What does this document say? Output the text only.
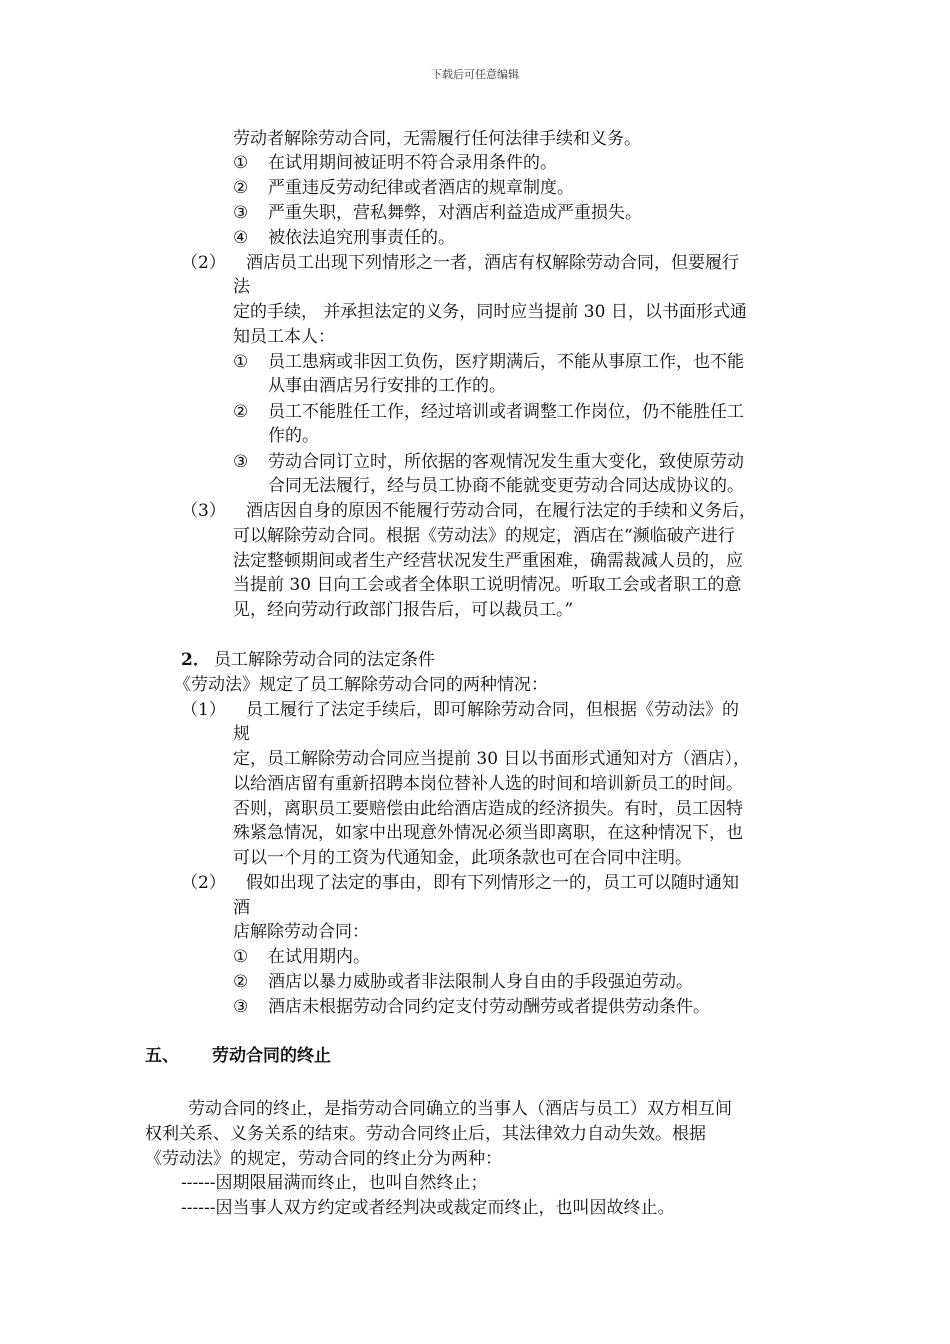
下载后可任意编辑
劳动者解除劳动合同，无需履行任何法律手续和义务。
① 在试用期间被证明不符合录用条件的。
② 严重违反劳动纪律或者酒店的规章制度。
③ 严重失职，营私舞弊，对酒店利益造成严重损失。
④ 被依法追究刑事责任的。
（2） 酒店员工出现下列情形之一者，酒店有权解除劳动合同，但要履行
法
定的手续， 并承担法定的义务，同时应当提前 30 日，以书面形式通
知员工本人：
① 员工患病或非因工负伤，医疗期满后，不能从事原工作，也不能
从事由酒店另行安排的工作的。
② 员工不能胜任工作，经过培训或者调整工作岗位，仍不能胜任工
作的。
③ 劳动合同订立时，所依据的客观情况发生重大变化，致使原劳动
合同无法履行，经与员工协商不能就变更劳动合同达成协议的。
（3） 酒店因自身的原因不能履行劳动合同，在履行法定的手续和义务后，
可以解除劳动合同。根据《劳动法》的规定，酒店在“濒临破产进行
法定整顿期间或者生产经营状况发生严重困难，确需裁减人员的，应
当提前 30 日向工会或者全体职工说明情况。听取工会或者职工的意
见，经向劳动行政部门报告后，可以裁员工。”
2． 员工解除劳动合同的法定条件
《劳动法》规定了员工解除劳动合同的两种情况：
（1） 员工履行了法定手续后，即可解除劳动合同，但根据《劳动法》的
规
定，员工解除劳动合同应当提前 30 日以书面形式通知对方（酒店），
以给酒店留有重新招聘本岗位替补人选的时间和培训新员工的时间。
否则，离职员工要赔偿由此给酒店造成的经济损失。有时，员工因特
殊紧急情况，如家中出现意外情况必须当即离职，在这种情况下，也
可以一个月的工资为代通知金，此项条款也可在合同中注明。
（2） 假如出现了法定的事由，即有下列情形之一的，员工可以随时通知
酒
店解除劳动合同：
① 在试用期内。
② 酒店以暴力威胁或者非法限制人身自由的手段强迫劳动。
③ 酒店未根据劳动合同约定支付劳动酬劳或者提供劳动条件。
五、 劳动合同的终止
劳动合同的终止，是指劳动合同确立的当事人（酒店与员工）双方相互间
权利关系、义务关系的结束。劳动合同终止后，其法律效力自动失效。根据
《劳动法》的规定，劳动合同的终止分为两种：
------因期限届满而终止，也叫自然终止；
------因当事人双方约定或者经判决或裁定而终止，也叫因故终止。
